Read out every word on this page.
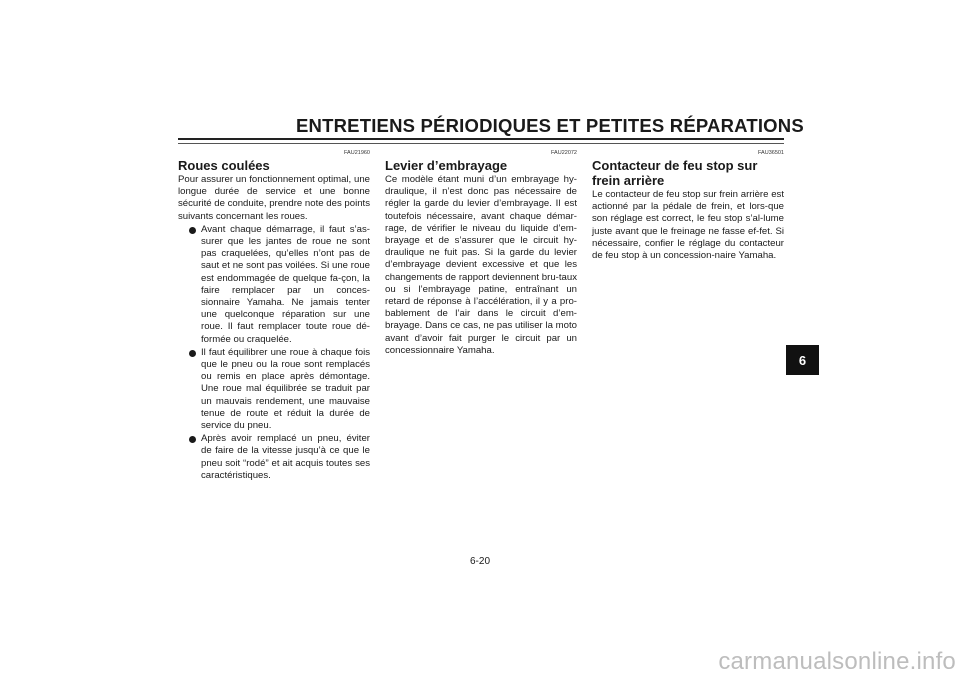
ENTRETIENS PÉRIODIQUES ET PETITES RÉPARATIONS
FAU21960
Roues coulées

Pour assurer un fonctionnement optimal, une longue durée de service et une bonne sécurité de conduite, prendre note des points suivants concernant les roues.

Avant chaque démarrage, il faut s’as-surer que les jantes de roue ne sont pas craquelées, qu’elles n’ont pas de saut et ne sont pas voilées. Si une roue est endommagée de quelque fa-çon, la faire remplacer par un conces-sionnaire Yamaha. Ne jamais tenter une quelconque réparation sur une roue. Il faut remplacer toute roue dé-formée ou craquelée.
Il faut équilibrer une roue à chaque fois que le pneu ou la roue sont remplacés ou remis en place après démontage. Une roue mal équilibrée se traduit par un mauvais rendement, une mauvaise tenue de route et réduit la durée de service du pneu.
Après avoir remplacé un pneu, éviter de faire de la vitesse jusqu’à ce que le pneu soit “rodé” et ait acquis toutes ses caractéristiques.
FAU22072
Levier d’embrayage

Ce modèle étant muni d’un embrayage hy-draulique, il n’est donc pas nécessaire de régler la garde du levier d’embrayage. Il est toutefois nécessaire, avant chaque démar-rage, de vérifier le niveau du liquide d’em-brayage et de s’assurer que le circuit hy-draulique ne fuit pas. Si la garde du levier d’embrayage devient excessive et que les changements de rapport deviennent bru-taux ou si l’embrayage patine, entraînant un retard de réponse à l’accélération, il y a pro-bablement de l’air dans le circuit d’em-brayage. Dans ce cas, ne pas utiliser la moto avant d’avoir fait purger le circuit par un concessionnaire Yamaha.

FAU36501
Contacteur de feu stop sur frein arrière

Le contacteur de feu stop sur frein arrière est actionné par la pédale de frein, et lors-que son réglage est correct, le feu stop s’al-lume juste avant que le freinage ne fasse ef-fet. Si nécessaire, confier le réglage du contacteur de feu stop à un concession-naire Yamaha.

6
6-20
carmanualsonline.info
